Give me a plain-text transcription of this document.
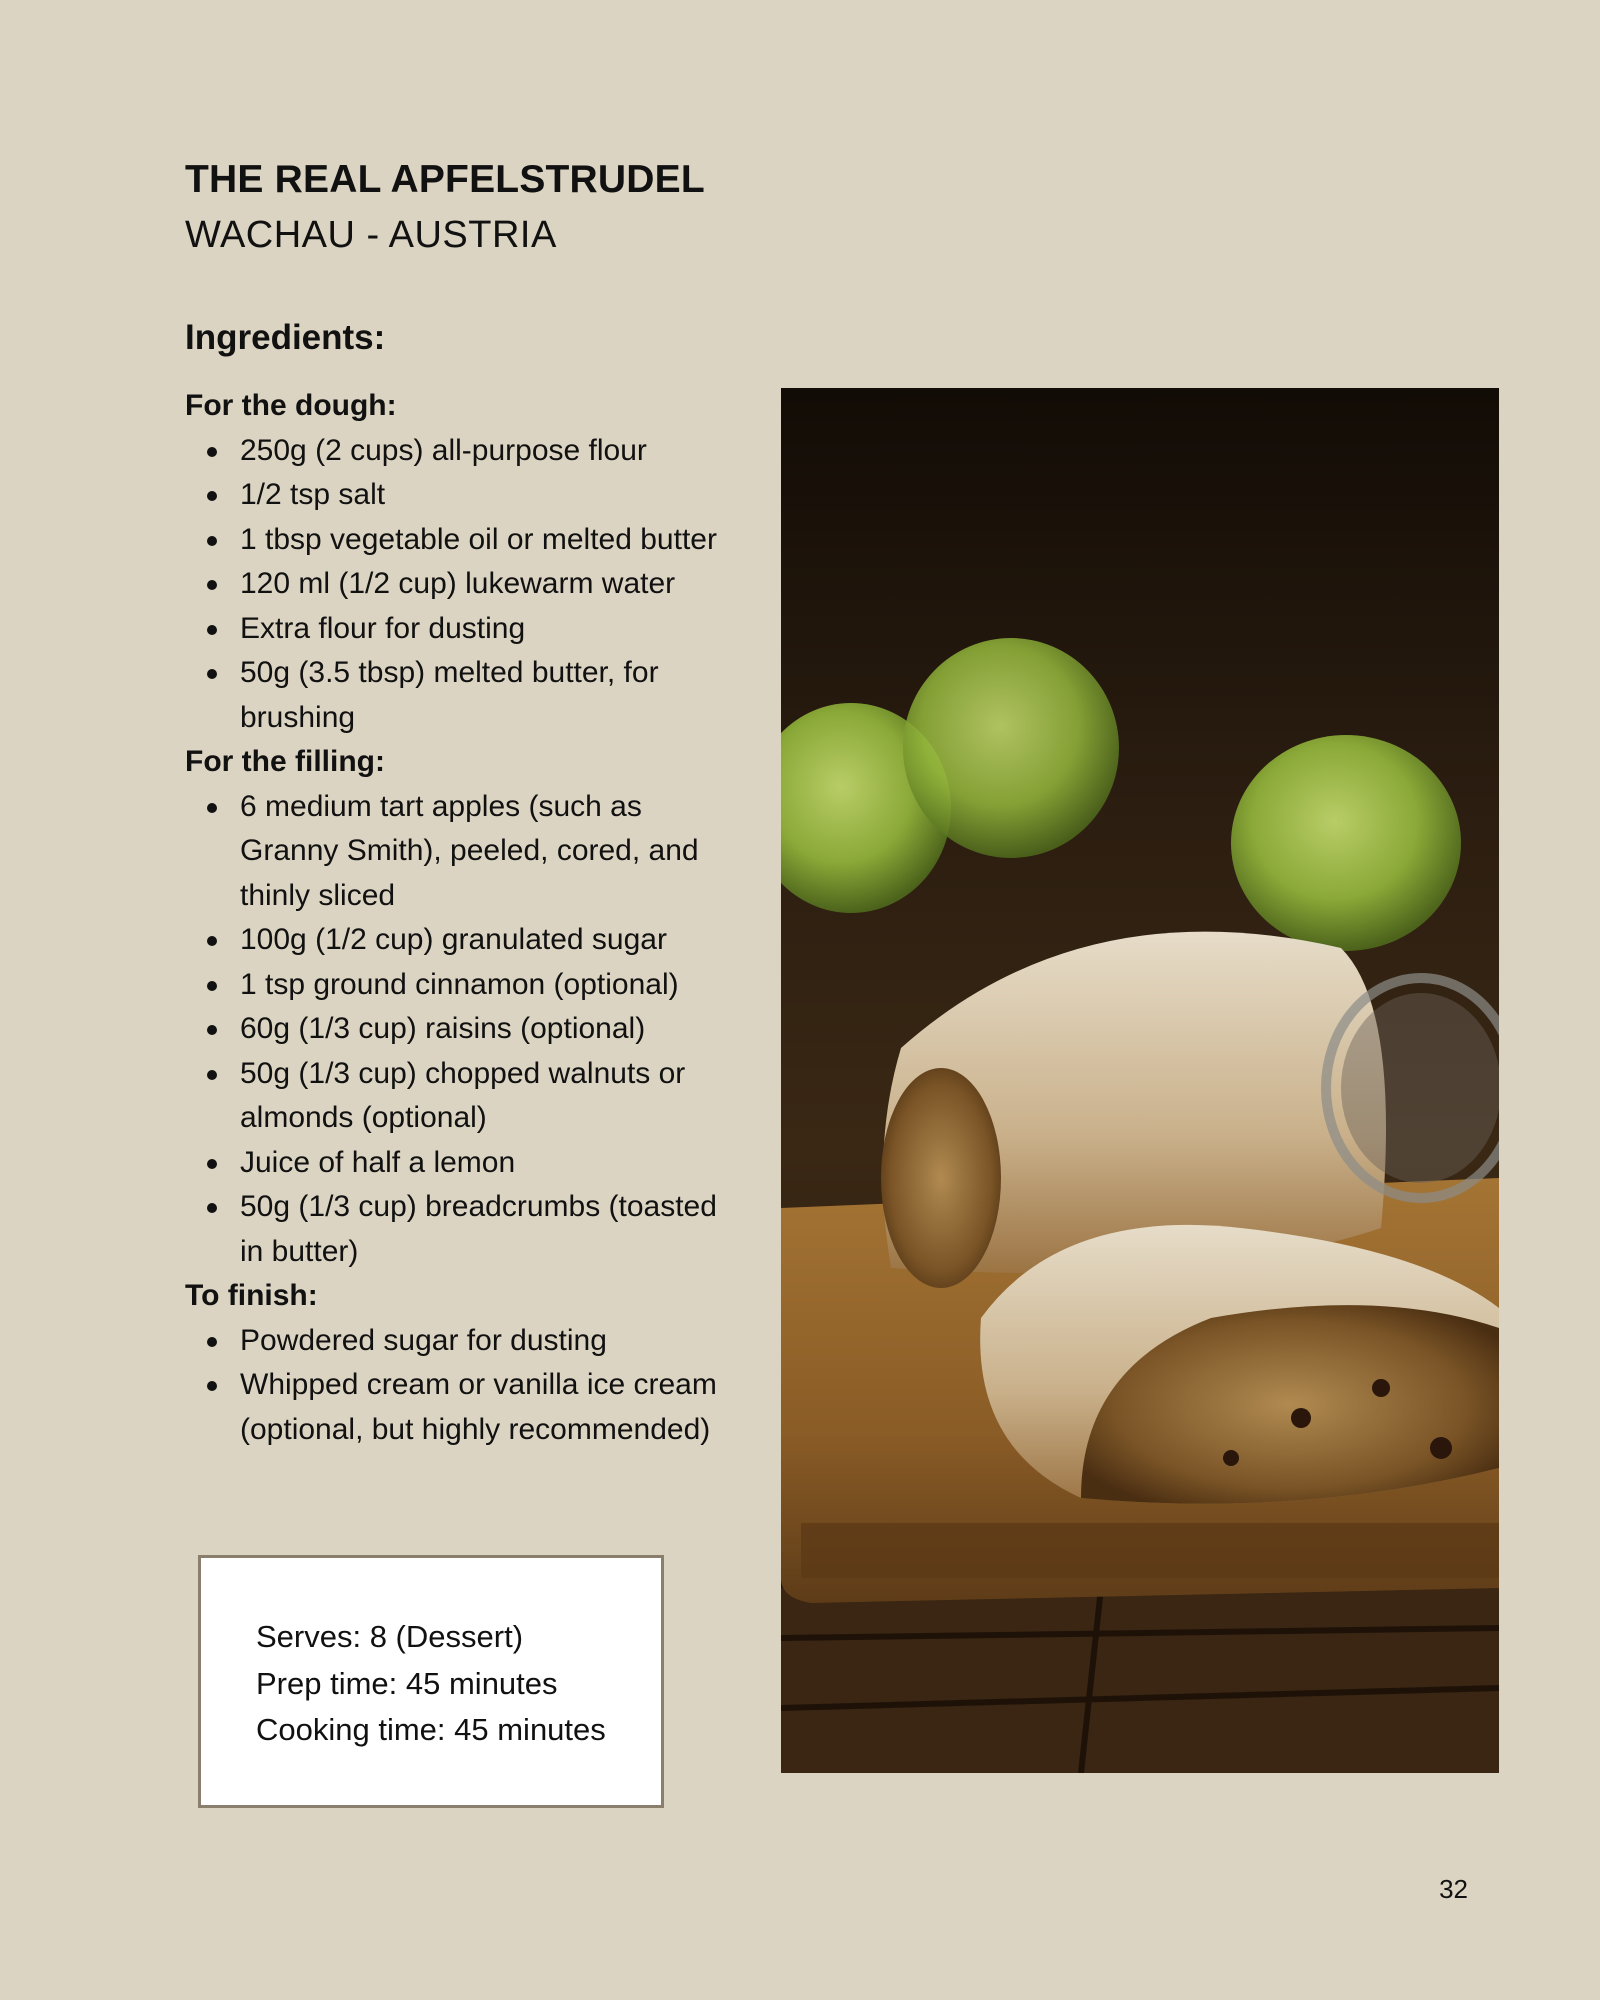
THE REAL APFELSTRUDEL
WACHAU - AUSTRIA
Ingredients:
For the dough:
250g (2 cups) all-purpose flour
1/2 tsp salt
1 tbsp vegetable oil or melted butter
120 ml (1/2 cup) lukewarm water
Extra flour for dusting
50g (3.5 tbsp) melted butter, for brushing
For the filling:
6 medium tart apples (such as Granny Smith), peeled, cored, and thinly sliced
100g (1/2 cup) granulated sugar
1 tsp ground cinnamon (optional)
60g (1/3 cup) raisins (optional)
50g (1/3 cup) chopped walnuts or almonds (optional)
Juice of half a lemon
50g (1/3 cup) breadcrumbs (toasted in butter)
To finish:
Powdered sugar for dusting
Whipped cream or vanilla ice cream (optional, but highly recommended)
Serves: 8 (Dessert)
Prep time: 45 minutes
Cooking time: 45 minutes
32
